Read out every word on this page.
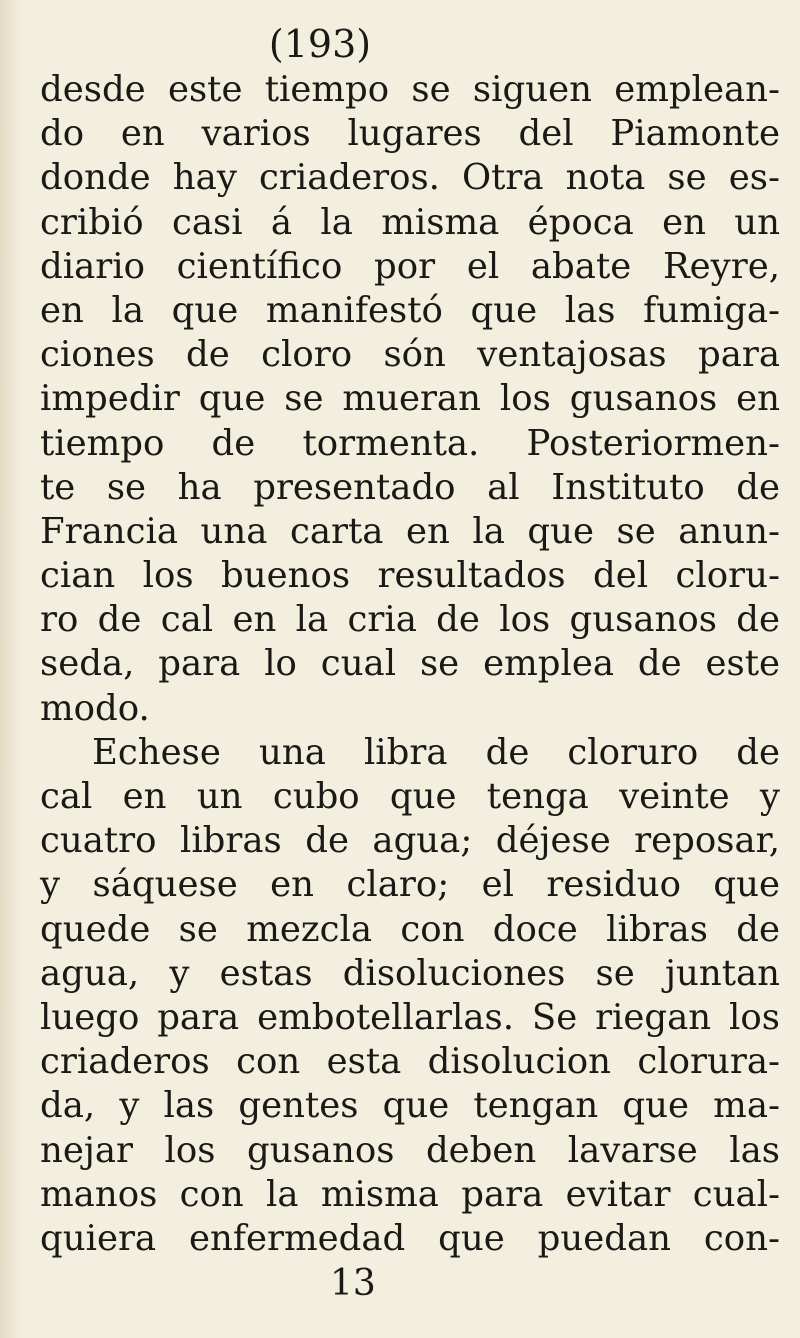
(193)
desde este tiempo se siguen emplean-
do en varios lugares del Piamonte
donde hay criaderos. Otra nota se es-
cribió casi á la misma época en un
diario científico por el abate Reyre,
en la que manifestó que las fumiga-
ciones de cloro són ventajosas para
impedir que se mueran los gusanos en
tiempo de tormenta. Posteriormen-
te se ha presentado al Instituto de
Francia una carta en la que se anun-
cian los buenos resultados del cloru-
ro de cal en la cria de los gusanos de
seda, para lo cual se emplea de este
modo.
Echese una libra de cloruro de
cal en un cubo que tenga veinte y
cuatro libras de agua; déjese reposar,
y sáquese en claro; el residuo que
quede se mezcla con doce libras de
agua, y estas disoluciones se juntan
luego para embotellarlas. Se riegan los
criaderos con esta disolucion clorura-
da, y las gentes que tengan que ma-
nejar los gusanos deben lavarse las
manos con la misma para evitar cual-
quiera enfermedad que puedan con-
13
